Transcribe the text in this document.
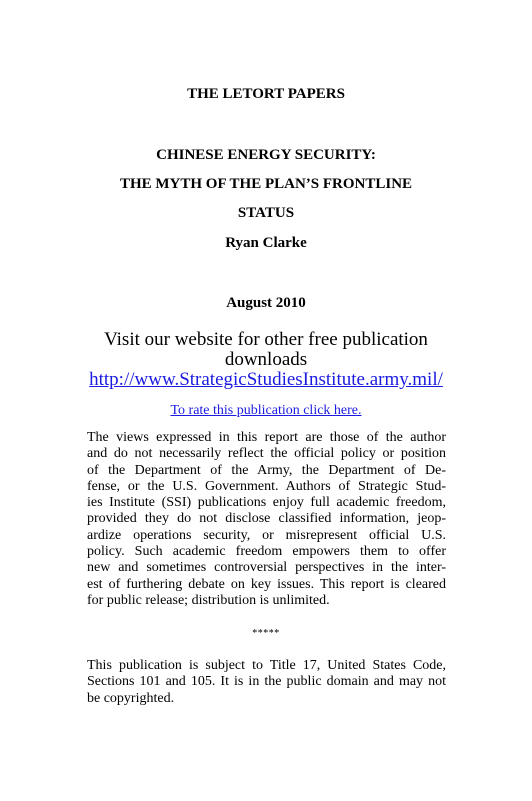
THE LETORT PAPERS
CHINESE ENERGY SECURITY:
THE MYTH OF THE PLAN’S FRONTLINE
STATUS
Ryan Clarke
August 2010
Visit our website for other free publication
downloads
http://www.StrategicStudiesInstitute.army.mil/
To rate this publication click here.
The views expressed in this report are those of the author
and do not necessarily reflect the official policy or position
of the Department of the Army, the Department of De-
fense, or the U.S. Government. Authors of Strategic Stud-
ies Institute (SSI) publications enjoy full academic freedom,
provided they do not disclose classified information, jeop-
ardize operations security, or misrepresent official U.S.
policy. Such academic freedom empowers them to offer
new and sometimes controversial perspectives in the inter-
est of furthering debate on key issues. This report is cleared
for public release; distribution is unlimited.
*****
This publication is subject to Title 17, United States Code,
Sections 101 and 105. It is in the public domain and may not
be copyrighted.
